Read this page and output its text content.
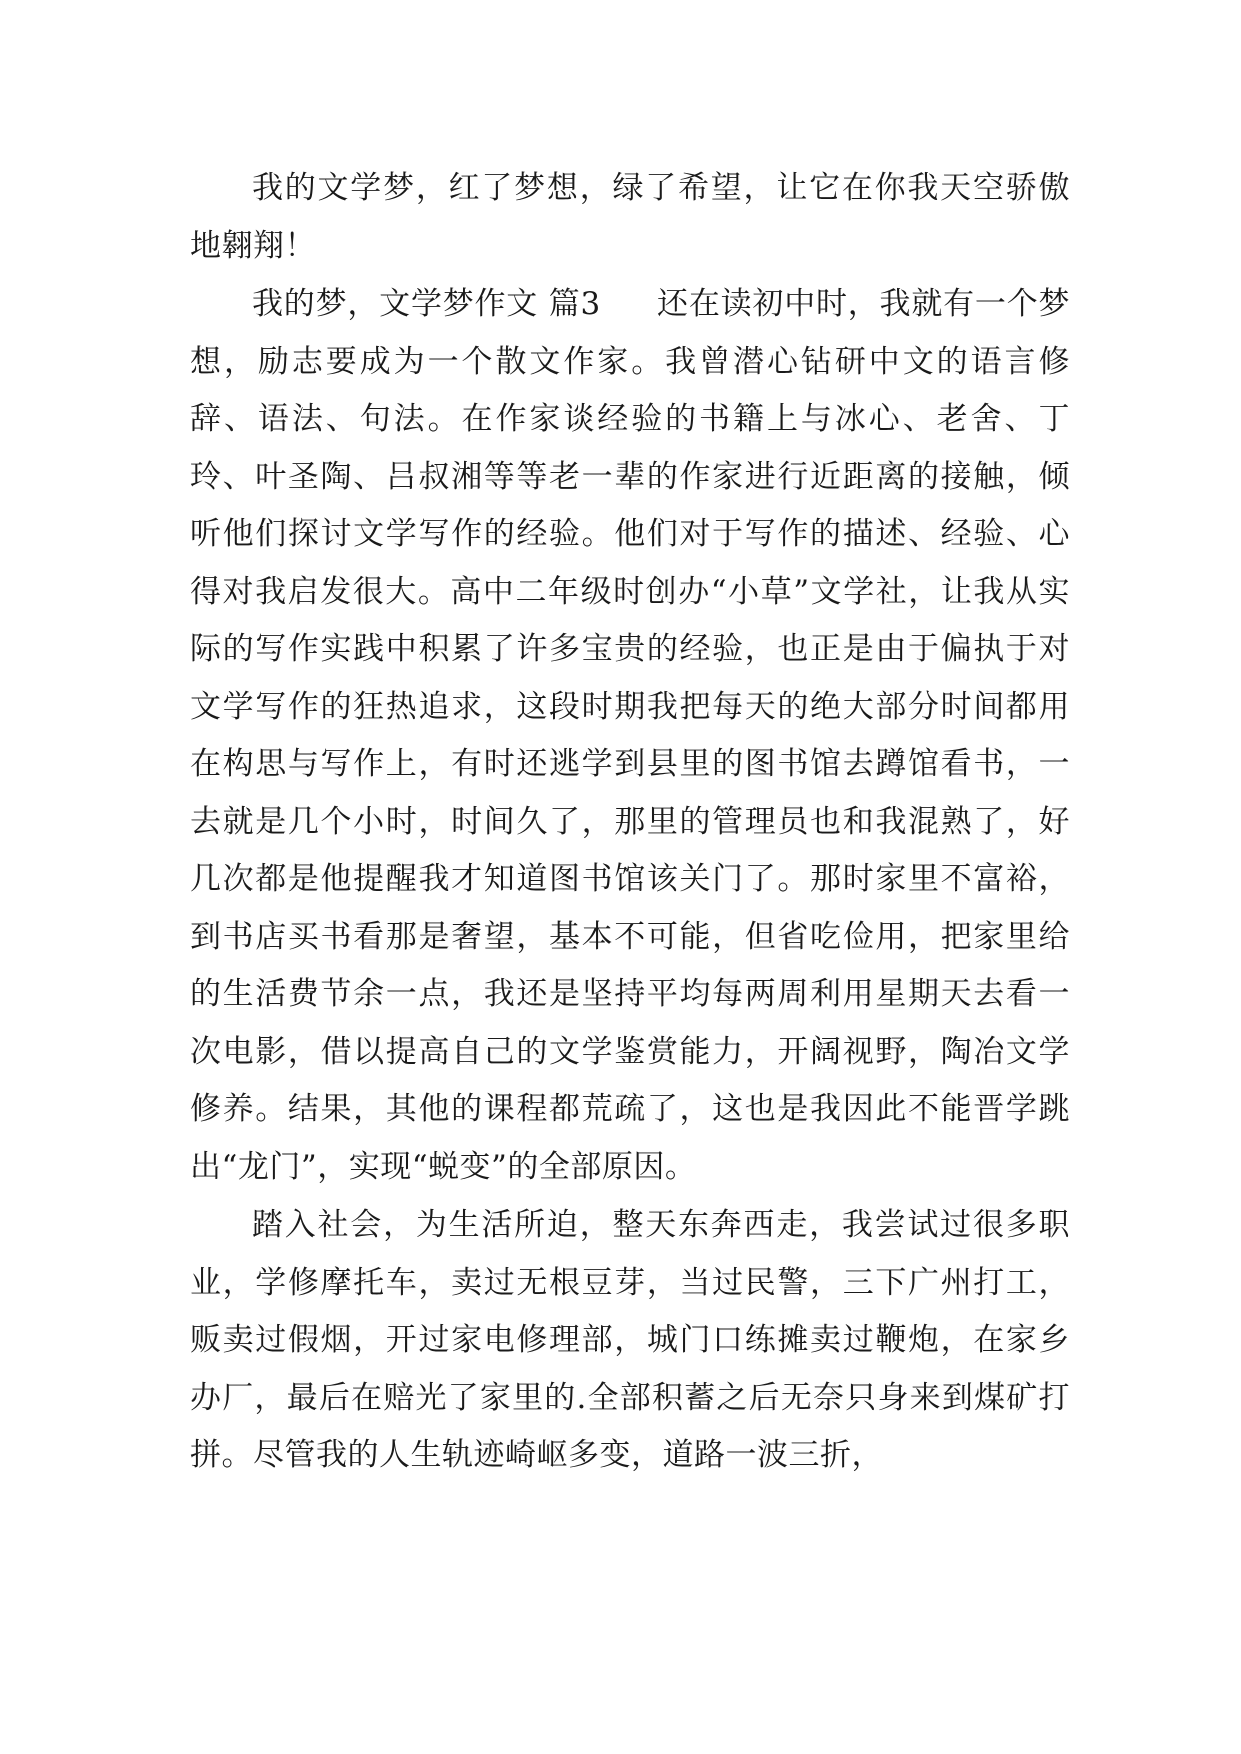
我的文学梦，红了梦想，绿了希望，让它在你我天空骄傲地翱翔！

我的梦，文学梦作文 篇3 还在读初中时，我就有一个梦想，励志要成为一个散文作家。我曾潜心钻研中文的语言修辞、语法、句法。在作家谈经验的书籍上与冰心、老舍、丁玲、叶圣陶、吕叔湘等等老一辈的作家进行近距离的接触，倾听他们探讨文学写作的经验。他们对于写作的描述、经验、心得对我启发很大。高中二年级时创办“小草”文学社，让我从实际的写作实践中积累了许多宝贵的经验，也正是由于偏执于对文学写作的狂热追求，这段时期我把每天的绝大部分时间都用在构思与写作上，有时还逃学到县里的图书馆去蹲馆看书，一去就是几个小时，时间久了，那里的管理员也和我混熟了，好几次都是他提醒我才知道图书馆该关门了。那时家里不富裕，到书店买书看那是奢望，基本不可能，但省吃俭用，把家里给的生活费节余一点，我还是坚持平均每两周利用星期天去看一次电影，借以提高自己的文学鉴赏能力，开阔视野，陶冶文学修养。结果，其他的课程都荒疏了，这也是我因此不能晋学跳出“龙门”，实现“蜕变”的全部原因。

踏入社会，为生活所迫，整天东奔西走，我尝试过很多职业，学修摩托车，卖过无根豆芽，当过民警，三下广州打工，贩卖过假烟，开过家电修理部，城门口练摊卖过鞭炮，在家乡办厂，最后在赔光了家里的.全部积蓄之后无奈只身来到煤矿打拼。尽管我的人生轨迹崎岖多变，道路一波三折，
